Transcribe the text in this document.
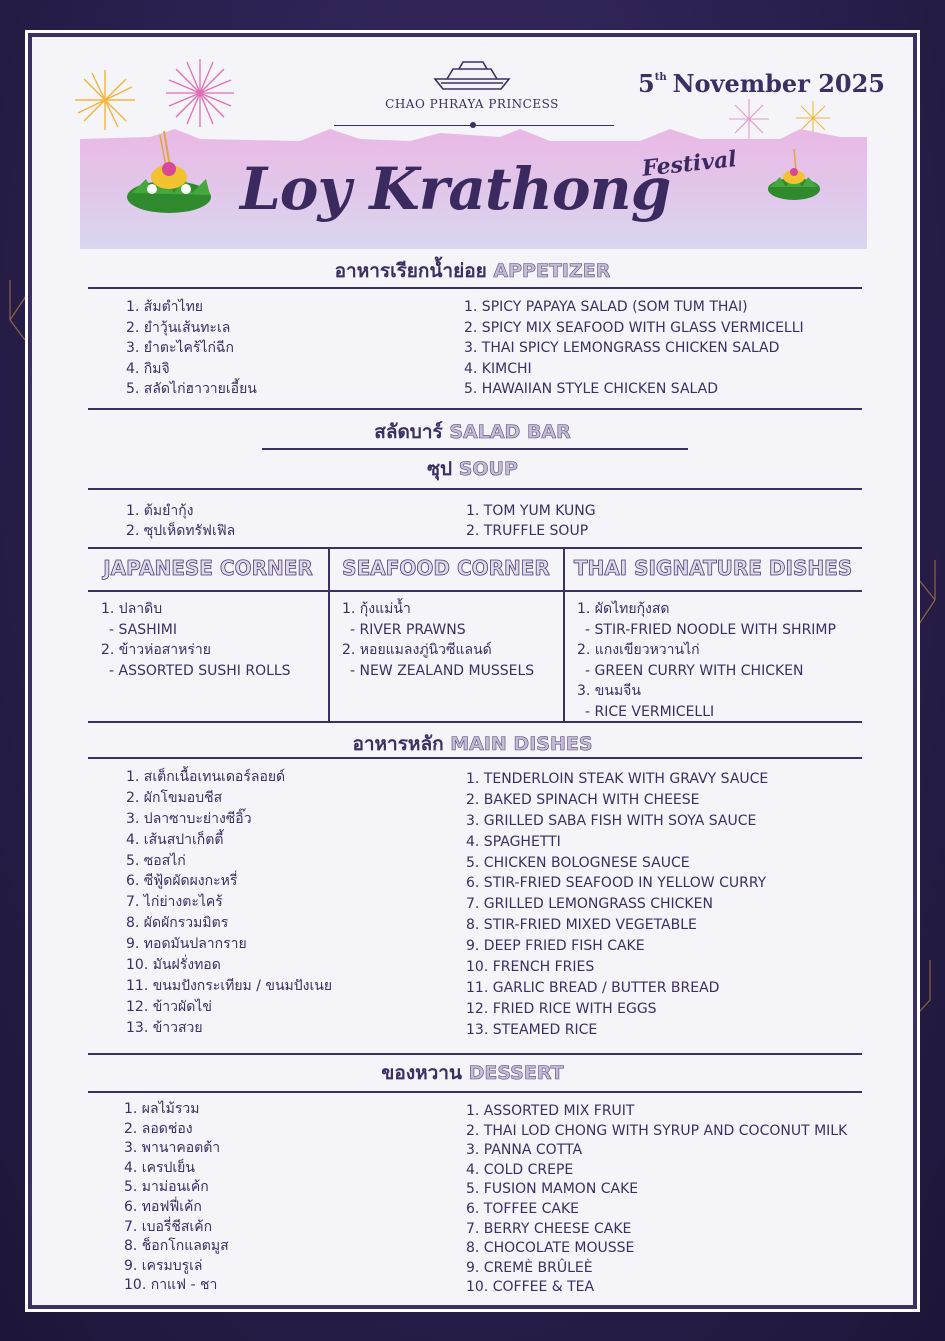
CHAO PHRAYA PRINCESS
5th November 2025
Loy Krathong
Festival
อาหารเรียกน้ำย่อย APPETIZER
1. ส้มตำไทย
2. ยำวุ้นเส้นทะเล
3. ยำตะไคร้ไก่ฉีก
4. กิมจิ
5. สลัดไก่ฮาวายเอี้ยน
1. SPICY PAPAYA SALAD (SOM TUM THAI)
2. SPICY MIX SEAFOOD WITH GLASS VERMICELLI
3. THAI SPICY LEMONGRASS CHICKEN SALAD
4. KIMCHI
5. HAWAIIAN STYLE CHICKEN SALAD
สลัดบาร์ SALAD BAR
ซุป SOUP
1. ต้มยำกุ้ง
2. ซุปเห็ดทรัฟเฟิล
1. TOM YUM KUNG
2. TRUFFLE SOUP
JAPANESE CORNER	SEAFOOD CORNER	THAI SIGNATURE DISHES
1. ปลาดิบ
- SASHIMI
2. ข้าวห่อสาหร่าย
- ASSORTED SUSHI ROLLS
1. กุ้งแม่น้ำ
- RIVER PRAWNS
2. หอยแมลงภู่นิวซีแลนด์
- NEW ZEALAND MUSSELS
1. ผัดไทยกุ้งสด
- STIR-FRIED NOODLE WITH SHRIMP
2. แกงเขียวหวานไก่
- GREEN CURRY WITH CHICKEN
3. ขนมจีน
- RICE VERMICELLI
อาหารหลัก MAIN DISHES
1. สเต็กเนื้อเทนเดอร์ลอยด์
2. ผักโขมอบชีส
3. ปลาซาบะย่างซีอิ๊ว
4. เส้นสปาเก็ตตี้
5. ซอสไก่
6. ซีฟู้ดผัดผงกะหรี่
7. ไก่ย่างตะไคร้
8. ผัดผักรวมมิตร
9. ทอดมันปลากราย
10. มันฝรั่งทอด
11. ขนมปังกระเทียม / ขนมปังเนย
12. ข้าวผัดไข่
13. ข้าวสวย
1. TENDERLOIN STEAK WITH GRAVY SAUCE
2. BAKED SPINACH WITH CHEESE
3. GRILLED SABA FISH WITH SOYA SAUCE
4. SPAGHETTI
5. CHICKEN BOLOGNESE SAUCE
6. STIR-FRIED SEAFOOD IN YELLOW CURRY
7. GRILLED LEMONGRASS CHICKEN
8. STIR-FRIED MIXED VEGETABLE
9. DEEP FRIED FISH CAKE
10. FRENCH FRIES
11. GARLIC BREAD / BUTTER BREAD
12. FRIED RICE WITH EGGS
13. STEAMED RICE
ของหวาน DESSERT
1. ผลไม้รวม
2. ลอดช่อง
3. พานาคอตต้า
4. เครปเย็น
5. มาม่อนเค้ก
6. ทอฟฟี่เค้ก
7. เบอรี่ชีสเค้ก
8. ช็อกโกแลตมูส
9. เครมบรูเล่
10. กาแฟ - ชา
1. ASSORTED MIX FRUIT
2. THAI LOD CHONG WITH SYRUP AND COCONUT MILK
3. PANNA COTTA
4. COLD CREPE
5. FUSION MAMON CAKE
6. TOFFEE CAKE
7. BERRY CHEESE CAKE
8. CHOCOLATE MOUSSE
9. CREMÈ BRÛLEÈ
10. COFFEE & TEA
